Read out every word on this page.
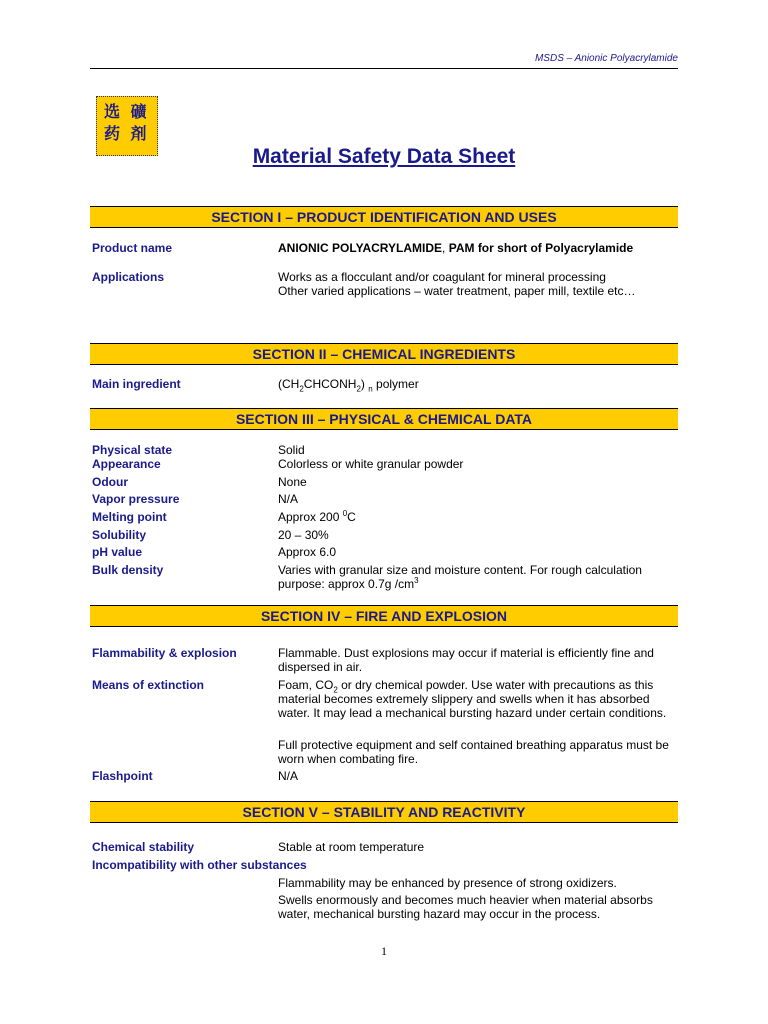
MSDS – Anionic Polyacrylamide
选 礦
药 剤
Material Safety Data Sheet
SECTION I – PRODUCT IDENTIFICATION AND USES
Product name	ANIONIC POLYACRYLAMIDE, PAM for short of Polyacrylamide
Applications	Works as a flocculant and/or coagulant for mineral processing
Other varied applications – water treatment, paper mill, textile etc…
SECTION II – CHEMICAL INGREDIENTS
Main ingredient	$(CH_2CHCONH_2)$ $_n$ polymer
SECTION III – PHYSICAL & CHEMICAL DATA
Physical state	Solid
Appearance	Colorless or white granular powder
Odour	None
Vapor pressure	N/A
Melting point	Approx 200 $^0$C
Solubility	20 – 30%
pH value	Approx 6.0
Bulk density	Varies with granular size and moisture content. For rough calculation
purpose: approx 0.7g $/cm^3$
SECTION IV – FIRE AND EXPLOSION
Flammability & explosion	Flammable. Dust explosions may occur if material is efficiently fine and dispersed in air.
Means of extinction	Foam, $CO_2$ or dry chemical powder. Use water with precautions as this material becomes extremely slippery and swells when it has absorbed water. It may lead a mechanical bursting hazard under certain conditions.
Full protective equipment and self contained breathing apparatus must be worn when combating fire.
Flashpoint	N/A
SECTION V – STABILITY AND REACTIVITY
Chemical stability	Stable at room temperature
Incompatibility with other substances
Flammability may be enhanced by presence of strong oxidizers.
Swells enormously and becomes much heavier when material absorbs water, mechanical bursting hazard may occur in the process.
1
